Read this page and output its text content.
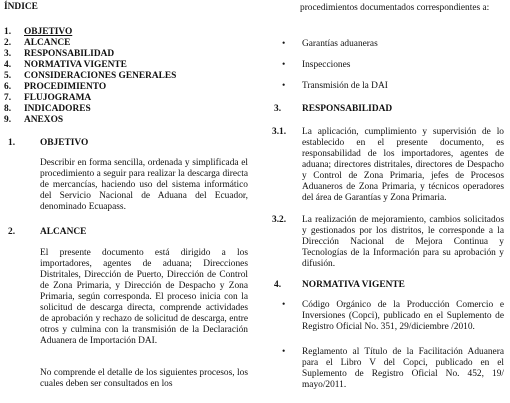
ÍNDICE
1. OBJETIVO
2. ALCANCE
3. RESPONSABILIDAD
4. NORMATIVA VIGENTE
5. CONSIDERACIONES GENERALES
6. PROCEDIMIENTO
7. FLUJOGRAMA
8. INDICADORES
9. ANEXOS
1.	OBJETIVO
Describir en forma sencilla, ordenada y simplificada el procedimiento a seguir para realizar la descarga directa de mercancías, haciendo uso del sistema informático del Servicio Nacional de Aduana del Ecuador, denominado Ecuapass.
2.	ALCANCE
El presente documento está dirigido a los importadores, agentes de aduana; Direcciones Distritales, Dirección de Puerto, Dirección de Control de Zona Primaria, y Dirección de Despacho y Zona Primaria, según corresponda. El proceso inicia con la solicitud de descarga directa, comprende actividades de aprobación y rechazo de solicitud de descarga, entre otros y culmina con la transmisión de la Declaración Aduanera de Importación DAI.
No comprende el detalle de los siguientes procesos, los cuales deben ser consultados en los
procedimientos documentados correspondientes a:
• Garantías aduaneras
• Inspecciones
• Transmisión de la DAI
3. RESPONSABILIDAD
3.1. La aplicación, cumplimiento y supervisión de lo establecido en el presente documento, es responsabilidad de los importadores, agentes de aduana; directores distritales, directores de Despacho y Control de Zona Primaria, jefes de Procesos Aduaneros de Zona Primaria, y técnicos operadores del área de Garantías y Zona Primaria.
3.2. La realización de mejoramiento, cambios solicitados y gestionados por los distritos, le corresponde a la Dirección Nacional de Mejora Continua y Tecnologías de la Información para su aprobación y difusión.
4. NORMATIVA VIGENTE
• Código Orgánico de la Producción Comercio e Inversiones (Copci), publicado en el Suplemento de Registro Oficial No. 351, 29/diciembre /2010.
• Reglamento al Título de la Facilitación Aduanera para el Libro V del Copci, publicado en el Suplemento de Registro Oficial No. 452, 19/ mayo/2011.
